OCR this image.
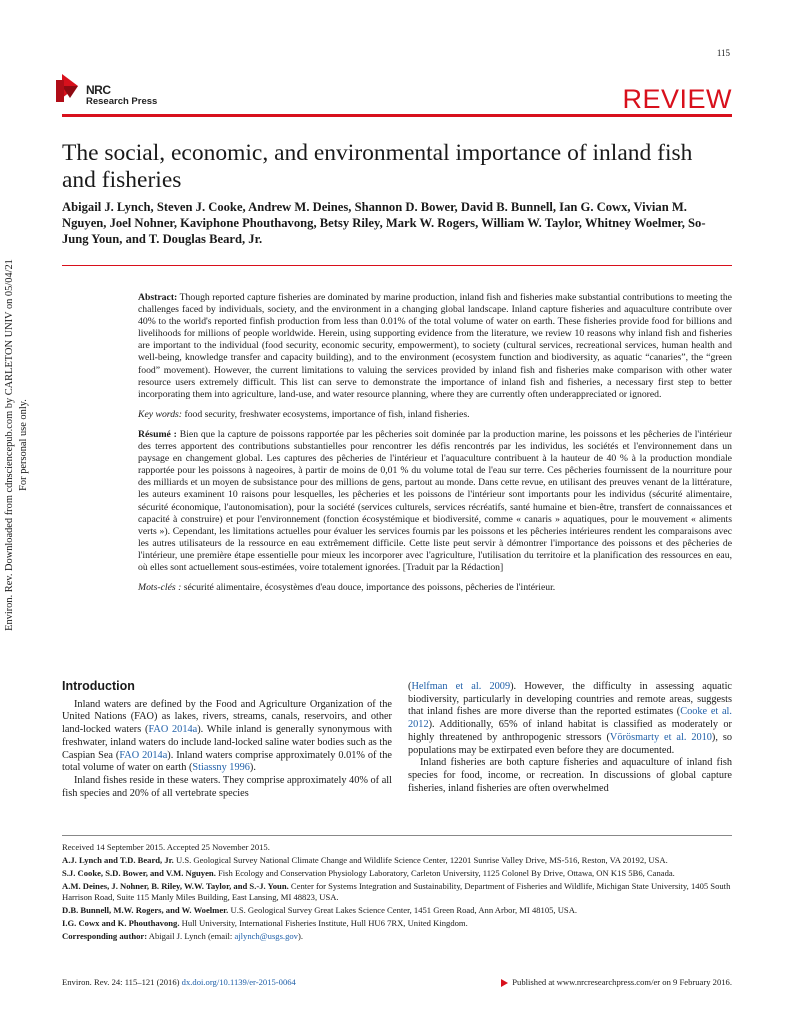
115
NRC
Research Press	REVIEW
The social, economic, and environmental importance of inland fish and fisheries
Abigail J. Lynch, Steven J. Cooke, Andrew M. Deines, Shannon D. Bower, David B. Bunnell, Ian G. Cowx, Vivian M. Nguyen, Joel Nohner, Kaviphone Phouthavong, Betsy Riley, Mark W. Rogers, William W. Taylor, Whitney Woelmer, So-Jung Youn, and T. Douglas Beard, Jr.
Environ. Rev. Downloaded from cdnsciencepub.com by CARLETON UNIV on 05/04/21 For personal use only.

Abstract: Though reported capture fisheries are dominated by marine production, inland fish and fisheries make substantial contributions to meeting the challenges faced by individuals, society, and the environment in a changing global landscape. Inland capture fisheries and aquaculture contribute over 40% to the world's reported finfish production from less than 0.01% of the total volume of water on earth. These fisheries provide food for billions and livelihoods for millions of people worldwide. Herein, using supporting evidence from the literature, we review 10 reasons why inland fish and fisheries are important to the individual (food security, economic security, empowerment), to society (cultural services, recreational services, human health and well-being, knowledge transfer and capacity building), and to the environment (ecosystem function and biodiversity, as aquatic “canaries”, the “green food” movement). However, the current limitations to valuing the services provided by inland fish and fisheries make comparison with other water resource users extremely difficult. This list can serve to demonstrate the importance of inland fish and fisheries, a necessary first step to better incorporating them into agriculture, land-use, and water resource planning, where they are currently often underappreciated or ignored.

Key words: food security, freshwater ecosystems, importance of fish, inland fisheries.

Résumé : Bien que la capture de poissons rapportée par les pêcheries soit dominée par la production marine, les poissons et les pêcheries de l'intérieur des terres apportent des contributions substantielles pour rencontrer les défis rencontrés par les individus, les sociétés et l'environnement dans un paysage en changement global. Les captures des pêcheries de l'intérieur et l'aquaculture contribuent à la hauteur de 40 % à la production mondiale rapportée pour les poissons à nageoires, à partir de moins de 0,01 % du volume total de l'eau sur terre. Ces pêcheries fournissent de la nourriture pour des milliards et un moyen de subsistance pour des millions de gens, partout au monde. Dans cette revue, en utilisant des preuves venant de la littérature, les auteurs examinent 10 raisons pour lesquelles, les pêcheries et les poissons de l'intérieur sont importants pour les individus (sécurité alimentaire, sécurité économique, l'autonomisation), pour la société (services culturels, services récréatifs, santé humaine et bien-être, transfert de connaissances et capacité à construire) et pour l'environnement (fonction écosystémique et biodiversité, comme « canaris » aquatiques, pour le mouvement « aliments verts »). Cependant, les limitations actuelles pour évaluer les services fournis par les poissons et les pêcheries intérieures rendent les comparaisons avec les autres utilisateurs de la ressource en eau extrêmement difficile. Cette liste peut servir à démontrer l'importance des poissons et des pêcheries de l'intérieur, une première étape essentielle pour mieux les incorporer avec l'agriculture, l'utilisation du territoire et la planification des ressources en eau, où elles sont actuellement sous-estimées, voire totalement ignorées. [Traduit par la Rédaction]

Mots-clés : sécurité alimentaire, écosystèmes d'eau douce, importance des poissons, pêcheries de l'intérieur.

Introduction

Inland waters are defined by the Food and Agriculture Organization of the United Nations (FAO) as lakes, rivers, streams, canals, reservoirs, and other land-locked waters (FAO 2014a). While inland is generally synonymous with freshwater, inland waters do include land-locked saline water bodies such as the Caspian Sea (FAO 2014a). Inland waters comprise approximately 0.01% of the total volume of water on earth (Stiassny 1996).

Inland fishes reside in these waters. They comprise approximately 40% of all fish species and 20% of all vertebrate species

(Helfman et al. 2009). However, the difficulty in assessing aquatic biodiversity, particularly in developing countries and remote areas, suggests that inland fishes are more diverse than the reported estimates (Cooke et al. 2012). Additionally, 65% of inland habitat is classified as moderately or highly threatened by anthropogenic stressors (Vörösmarty et al. 2010), so populations may be extirpated even before they are documented.

Inland fisheries are both capture fisheries and aquaculture of inland fish species for food, income, or recreation. In discussions of global capture fisheries, inland fisheries are often overwhelmed

Received 14 September 2015. Accepted 25 November 2015.

A.J. Lynch and T.D. Beard, Jr. U.S. Geological Survey National Climate Change and Wildlife Science Center, 12201 Sunrise Valley Drive, MS-516, Reston, VA 20192, USA.

S.J. Cooke, S.D. Bower, and V.M. Nguyen. Fish Ecology and Conservation Physiology Laboratory, Carleton University, 1125 Colonel By Drive, Ottawa, ON K1S 5B6, Canada.

A.M. Deines, J. Nohner, B. Riley, W.W. Taylor, and S.-J. Youn. Center for Systems Integration and Sustainability, Department of Fisheries and Wildlife, Michigan State University, 1405 South Harrison Road, Suite 115 Manly Miles Building, East Lansing, MI 48823, USA.

D.B. Bunnell, M.W. Rogers, and W. Woelmer. U.S. Geological Survey Great Lakes Science Center, 1451 Green Road, Ann Arbor, MI 48105, USA.

I.G. Cowx and K. Phouthavong. Hull University, International Fisheries Institute, Hull HU6 7RX, United Kingdom.

Corresponding author: Abigail J. Lynch (email: ajlynch@usgs.gov).

Environ. Rev. 24: 115–121 (2016) dx.doi.org/10.1139/er-2015-0064	Published at www.nrcresearchpress.com/er on 9 February 2016.
